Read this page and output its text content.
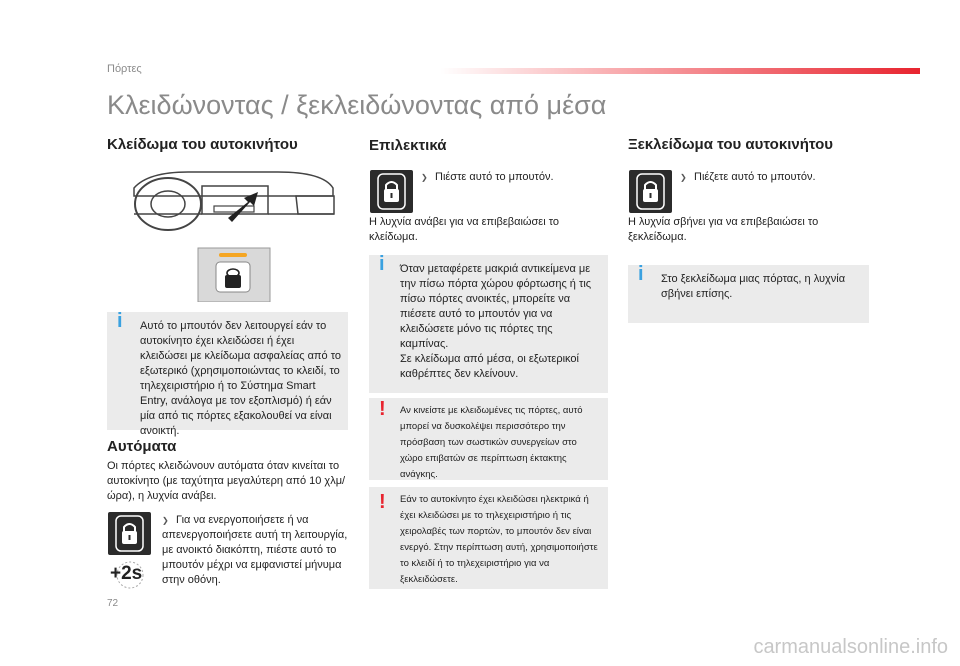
Πόρτες
Κλειδώνοντας / ξεκλειδώνοντας από μέσα
Κλείδωμα του αυτοκινήτου
i Αυτό το μπουτόν δεν λειτουργεί εάν το αυτοκίνητο έχει κλειδώσει ή έχει κλειδώσει με κλείδωμα ασφαλείας από το εξωτερικό (χρησιμοποιώντας το κλειδί, το τηλεχειριστήριο ή το Σύστημα Smart Entry, ανάλογα με τον εξοπλισμό) ή εάν μία από τις πόρτες εξακολουθεί να είναι ανοικτή.
Αυτόματα
Οι πόρτες κλειδώνουν αυτόματα όταν κινείται το αυτοκίνητο (με ταχύτητα μεγαλύτερη από 10 χλμ/ώρα), η λυχνία ανάβει.
+2s
❯ Για να ενεργοποιήσετε ή να απενεργοποιήσετε αυτή τη λειτουργία, με ανοικτό διακόπτη, πιέστε αυτό το μπουτόν μέχρι να εμφανιστεί μήνυμα στην οθόνη.
Επιλεκτικά
❯ Πιέστε αυτό το μπουτόν.
Η λυχνία ανάβει για να επιβεβαιώσει το κλείδωμα.
i Όταν μεταφέρετε μακριά αντικείμενα με την πίσω πόρτα χώρου φόρτωσης ή τις πίσω πόρτες ανοικτές, μπορείτε να πιέσετε αυτό το μπουτόν για να κλειδώσετε μόνο τις πόρτες της καμπίνας.
Σε κλείδωμα από μέσα, οι εξωτερικοί καθρέπτες δεν κλείνουν.
! Αν κινείστε με κλειδωμένες τις πόρτες, αυτό μπορεί να δυσκολέψει περισσότερο την πρόσβαση των σωστικών συνεργείων στο χώρο επιβατών σε περίπτωση έκτακτης ανάγκης.
! Εάν το αυτοκίνητο έχει κλειδώσει ηλεκτρικά ή έχει κλειδώσει με το τηλεχειριστήριο ή τις χειρολαβές των πορτών, το μπουτόν δεν είναι ενεργό. Στην περίπτωση αυτή, χρησιμοποιήστε το κλειδί ή το τηλεχειριστήριο για να ξεκλειδώσετε.
Ξεκλείδωμα του αυτοκινήτου
❯ Πιέζετε αυτό το μπουτόν.
Η λυχνία σβήνει για να επιβεβαιώσει το ξεκλείδωμα.
i Στο ξεκλείδωμα μιας πόρτας, η λυχνία σβήνει επίσης.
72
carmanualsonline.info
